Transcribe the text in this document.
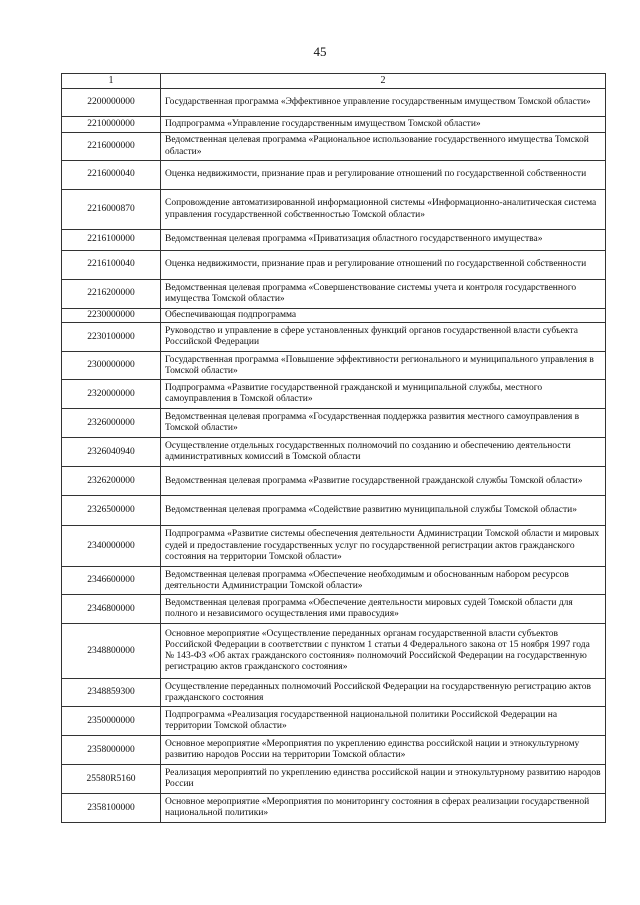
45
1	2
2200000000	Государственная программа «Эффективное управление государственным имуществом Томской области»
2210000000	Подпрограмма «Управление государственным имуществом Томской области»
2216000000	Ведомственная целевая программа «Рациональное использование государственного имущества Томской области»
2216000040	Оценка недвижимости, признание прав и регулирование отношений по государственной собственности
2216000870	Сопровождение автоматизированной информационной системы «Информационно-аналитическая система управления государственной собственностью Томской области»
2216100000	Ведомственная целевая программа «Приватизация областного государственного имущества»
2216100040	Оценка недвижимости, признание прав и регулирование отношений по государственной собственности
2216200000	Ведомственная целевая программа «Совершенствование системы учета и контроля государственного имущества Томской области»
2230000000	Обеспечивающая подпрограмма
2230100000	Руководство и управление в сфере установленных функций органов государственной власти субъекта Российской Федерации
2300000000	Государственная программа «Повышение эффективности регионального и муниципального управления в Томской области»
2320000000	Подпрограмма «Развитие государственной гражданской и муниципальной службы, местного самоуправления в Томской области»
2326000000	Ведомственная целевая программа «Государственная поддержка развития местного самоуправления в Томской области»
2326040940	Осуществление отдельных государственных полномочий по созданию и обеспечению деятельности административных комиссий в Томской области
2326200000	Ведомственная целевая программа «Развитие государственной гражданской службы Томской области»
2326500000	Ведомственная целевая программа «Содействие развитию муниципальной службы Томской области»
2340000000	Подпрограмма «Развитие системы обеспечения деятельности Администрации Томской области и мировых судей и предоставление государственных услуг по государственной регистрации актов гражданского состояния на территории Томской области»
2346600000	Ведомственная целевая программа «Обеспечение необходимым и обоснованным набором ресурсов деятельности Администрации Томской области»
2346800000	Ведомственная целевая программа «Обеспечение деятельности мировых судей Томской области для полного и независимого осуществления ими правосудия»
2348800000	Основное мероприятие «Осуществление переданных органам государственной власти субъектов Российской Федерации в соответствии с пунктом 1 статьи 4 Федерального закона от 15 ноября 1997 года № 143-ФЗ «Об актах гражданского состояния» полномочий Российской Федерации на государственную регистрацию актов гражданского состояния»
2348859300	Осуществление переданных полномочий Российской Федерации на государственную регистрацию актов гражданского состояния
2350000000	Подпрограмма «Реализация государственной национальной политики Российской Федерации на территории Томской области»
2358000000	Основное мероприятие «Мероприятия по укреплению единства российской нации и этнокультурному развитию народов России на территории Томской области»
25580R5160	Реализация мероприятий по укреплению единства российской нации и этнокультурному развитию народов России
2358100000	Основное мероприятие «Мероприятия по мониторингу состояния в сферах реализации государственной национальной политики»
